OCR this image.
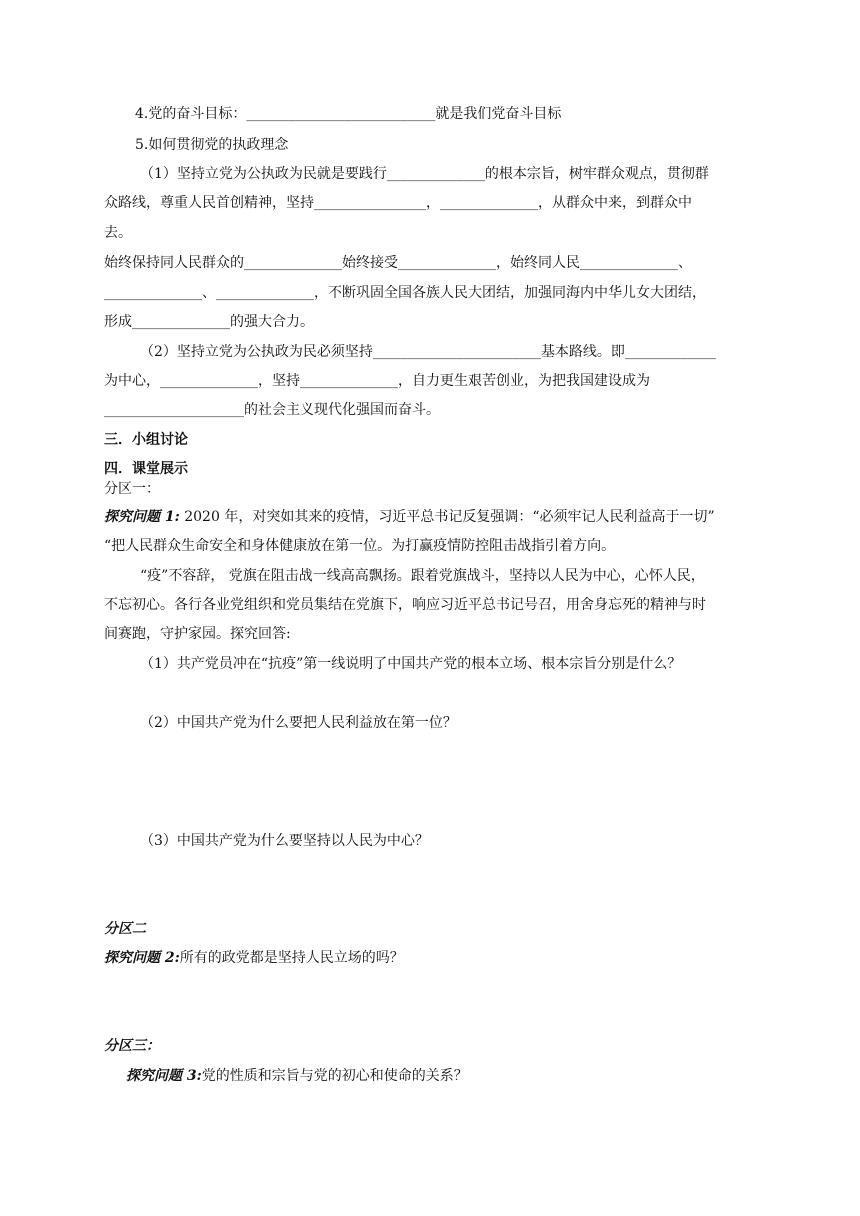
4.党的奋斗目标：___________________________就是我们党奋斗目标
5.如何贯彻党的执政理念
（1）坚持立党为公执政为民就是要践行______________的根本宗旨，树牢群众观点，贯彻群
众路线，尊重人民首创精神，坚持________________，______________，从群众中来，到群众中
去。
始终保持同人民群众的______________始终接受______________，始终同人民______________、
______________、______________，不断巩固全国各族人民大团结，加强同海内中华儿女大团结，
形成______________的强大合力。
（2）坚持立党为公执政为民必须坚持________________________基本路线。即_____________
为中心，______________，坚持______________，自力更生艰苦创业，为把我国建设成为
____________________的社会主义现代化强国而奋斗。
三．小组讨论
四．课堂展示
分区一：
探究问题 1: 2020 年，对突如其来的疫情，习近平总书记反复强调：“必须牢记人民利益高于一切”
“把人民群众生命安全和身体健康放在第一位。为打赢疫情防控阻击战指引着方向。
“疫”不容辞， 党旗在阻击战一线高高飘扬。跟着党旗战斗，坚持以人民为中心，心怀人民，
不忘初心。各行各业党组织和党员集结在党旗下，响应习近平总书记号召，用舍身忘死的精神与时
间赛跑，守护家园。探究回答:
（1）共产党员冲在“抗疫”第一线说明了中国共产党的根本立场、根本宗旨分别是什么？
（2）中国共产党为什么要把人民利益放在第一位？
（3）中国共产党为什么要坚持以人民为中心？
分区二
探究问题 2:所有的政党都是坚持人民立场的吗？
分区三：
探究问题 3:党的性质和宗旨与党的初心和使命的关系？
